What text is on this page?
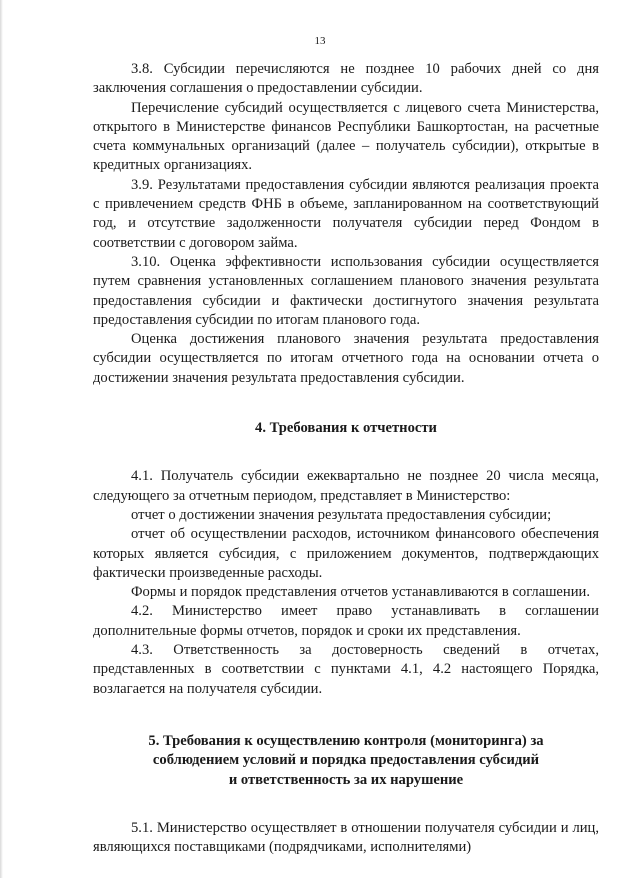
13

3.8. Субсидии перечисляются не позднее 10 рабочих дней со дня заключения соглашения о предоставлении субсидии.

Перечисление субсидий осуществляется с лицевого счета Министерства, открытого в Министерстве финансов Республики Башкортостан, на расчетные счета коммунальных организаций (далее – получатель субсидии), открытые в кредитных организациях.

3.9. Результатами предоставления субсидии являются реализация проекта с привлечением средств ФНБ в объеме, запланированном на соответствующий год, и отсутствие задолженности получателя субсидии перед Фондом в соответствии с договором займа.

3.10. Оценка эффективности использования субсидии осуществляется путем сравнения установленных соглашением планового значения результата предоставления субсидии и фактически достигнутого значения результата предоставления субсидии по итогам планового года.

Оценка достижения планового значения результата предоставления субсидии осуществляется по итогам отчетного года на основании отчета о достижении значения результата предоставления субсидии.

4. Требования к отчетности

4.1. Получатель субсидии ежеквартально не позднее 20 числа месяца, следующего за отчетным периодом, представляет в Министерство:

отчет о достижении значения результата предоставления субсидии;

отчет об осуществлении расходов, источником финансового обеспечения которых является субсидия, с приложением документов, подтверждающих фактически произведенные расходы.

Формы и порядок представления отчетов устанавливаются в соглашении.

4.2. Министерство имеет право устанавливать в соглашении дополнительные формы отчетов, порядок и сроки их представления.

4.3. Ответственность за достоверность сведений в отчетах, представленных в соответствии с пунктами 4.1, 4.2 настоящего Порядка, возлагается на получателя субсидии.

5. Требования к осуществлению контроля (мониторинга) за
соблюдением условий и порядка предоставления субсидий
и ответственность за их нарушение

5.1. Министерство осуществляет в отношении получателя субсидии и лиц, являющихся поставщиками (подрядчиками, исполнителями)
